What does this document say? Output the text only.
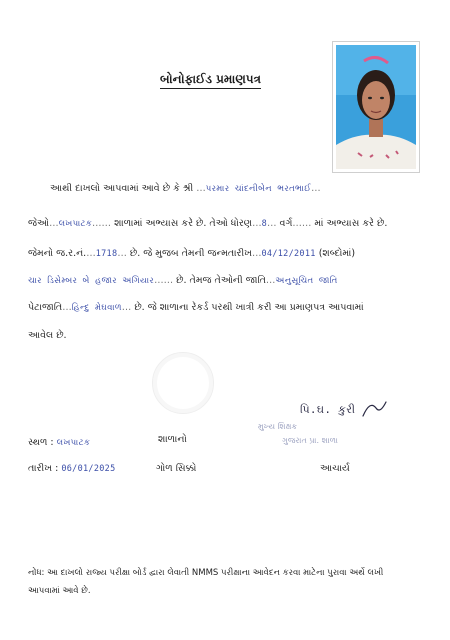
બોનોફાઈડ પ્રમાણપત્ર
આથી દાખલો આપવામાં આવે છે કે શ્રી …પરમાર ચાંદનીબેન ભરતભાઈ…
જેઓ…લખપાટક…… શાળામાં અભ્યાસ કરે છે. તેઓ ધોરણ…8… વર્ગ…… માં અભ્યાસ કરે છે.
જેમનો જ.ર.નં.…1718… છે. જે મુજબ તેમની જન્મતારીખ…04/12/2011 (શબ્દોમાં)
ચાર ડિસેમ્બર બે હજાર અગિયાર…… છે. તેમજ તેઓની જાતિ…અનુસૂચિત જાતિ
પેટાજાતિ…હિન્દુ મેઘવાળ… છે. જે શાળાના રેકર્ડ પરથી ખાત્રી કરી આ પ્રમાણપત્ર આપવામાં
આવેલ છે.
પિ.ઘ. કુરી
મુખ્ય શિક્ષક
ગુજરાત પ્રા. શાળા
સ્થળ : લખપાટક	શાળાનો
તારીખ : 06/01/2025	ગોળ સિક્કો	આચાર્ય
નોંધ: આ દાખલો રાજ્ય પરીક્ષા બોર્ડ દ્વારા લેવાતી NMMS પરીક્ષાના આવેદન કરવા માટેના પુરાવા અર્થે લખી
આપવામાં આવે છે.
